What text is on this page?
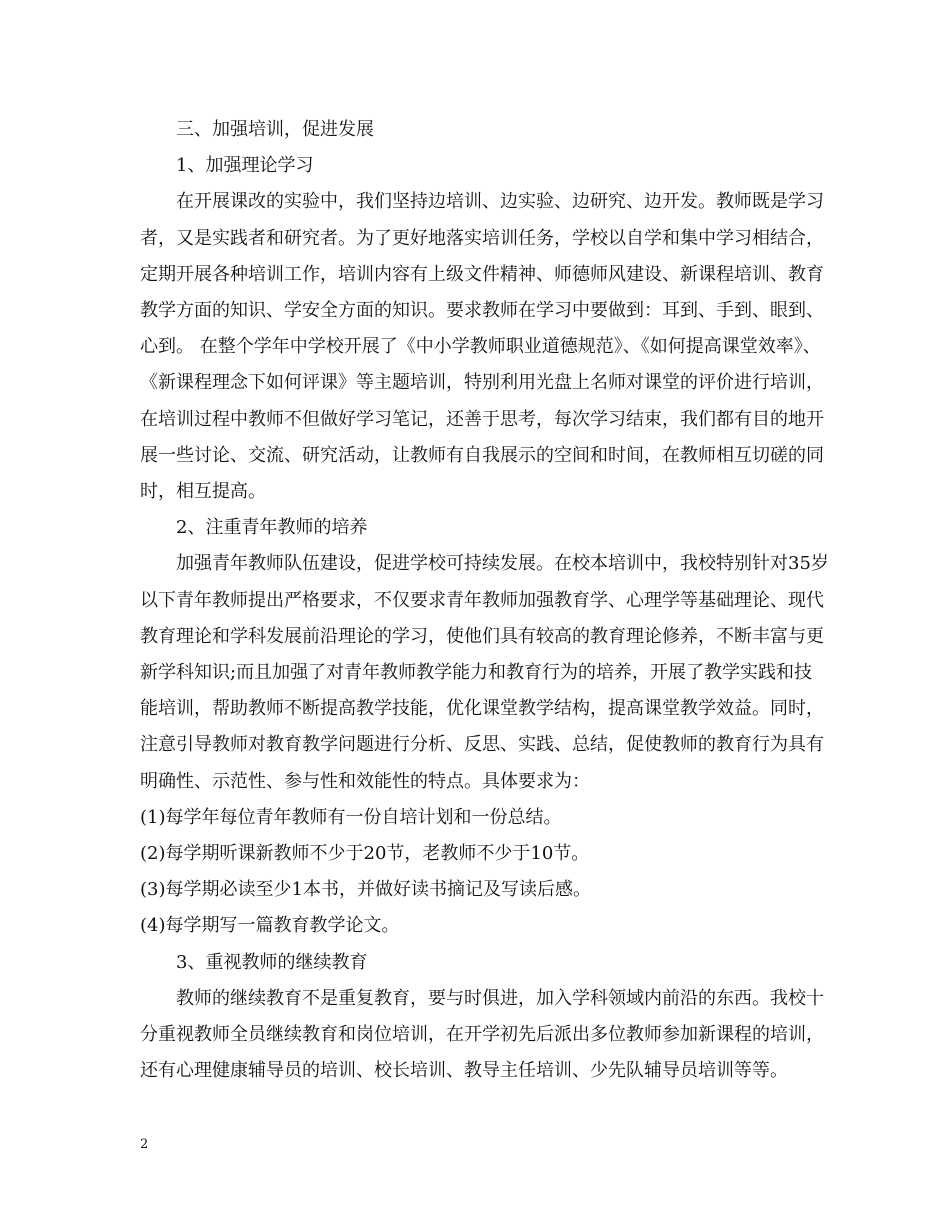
三、加强培训，促进发展

1、加强理论学习

在开展课改的实验中，我们坚持边培训、边实验、边研究、边开发。教师既是学习者，又是实践者和研究者。为了更好地落实培训任务，学校以自学和集中学习相结合，定期开展各种培训工作，培训内容有上级文件精神、师德师风建设、新课程培训、教育教学方面的知识、学安全方面的知识。要求教师在学习中要做到：耳到、手到、眼到、心到。 在整个学年中学校开展了《中小学教师职业道德规范》、《如何提高课堂效率》、《新课程理念下如何评课》等主题培训，特别利用光盘上名师对课堂的评价进行培训，在培训过程中教师不但做好学习笔记，还善于思考，每次学习结束，我们都有目的地开展一些讨论、交流、研究活动，让教师有自我展示的空间和时间，在教师相互切磋的同时，相互提高。

2、注重青年教师的培养

加强青年教师队伍建设，促进学校可持续发展。在校本培训中，我校特别针对35岁以下青年教师提出严格要求，不仅要求青年教师加强教育学、心理学等基础理论、现代教育理论和学科发展前沿理论的学习，使他们具有较高的教育理论修养，不断丰富与更新学科知识;而且加强了对青年教师教学能力和教育行为的培养，开展了教学实践和技能培训，帮助教师不断提高教学技能，优化课堂教学结构，提高课堂教学效益。同时，注意引导教师对教育教学问题进行分析、反思、实践、总结，促使教师的教育行为具有明确性、示范性、参与性和效能性的特点。具体要求为：

(1)每学年每位青年教师有一份自培计划和一份总结。

(2)每学期听课新教师不少于20节，老教师不少于10节。

(3)每学期必读至少1本书，并做好读书摘记及写读后感。

(4)每学期写一篇教育教学论文。

3、重视教师的继续教育

教师的继续教育不是重复教育，要与时俱进，加入学科领域内前沿的东西。我校十分重视教师全员继续教育和岗位培训，在开学初先后派出多位教师参加新课程的培训，还有心理健康辅导员的培训、校长培训、教导主任培训、少先队辅导员培训等等。

2
